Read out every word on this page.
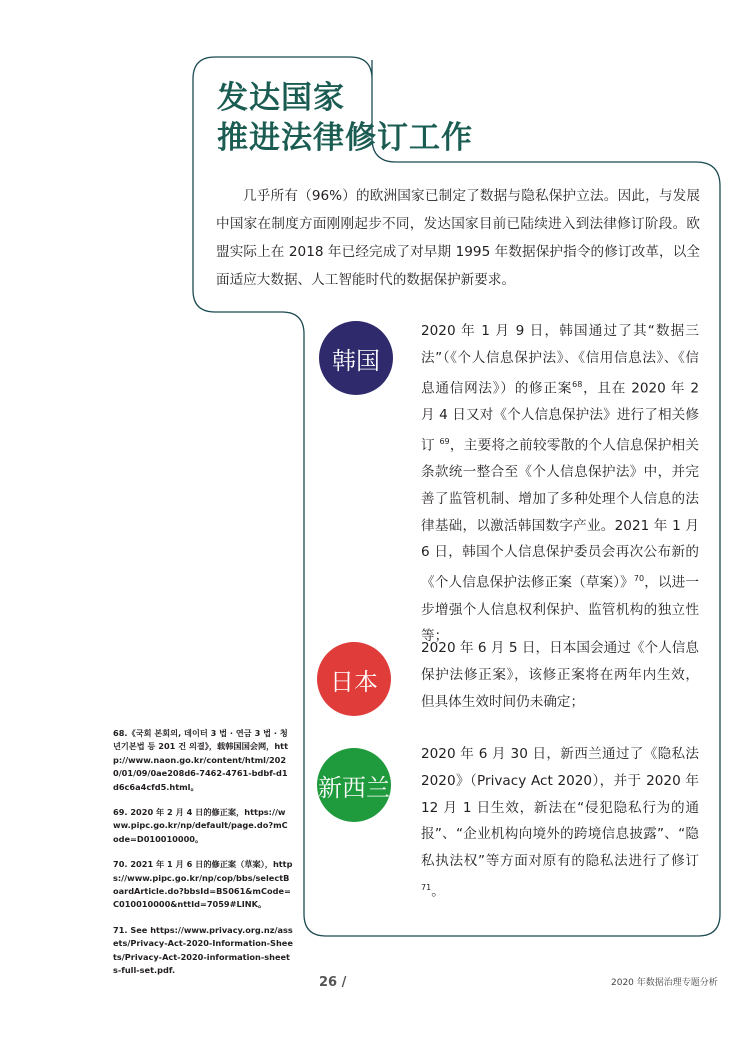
发达国家
推进法律修订工作

几乎所有（96%）的欧洲国家已制定了数据与隐私保护立法。因此，与发展中国家在制度方面刚刚起步不同，发达国家目前已陆续进入到法律修订阶段。欧盟实际上在 2018 年已经完成了对早期 1995 年数据保护指令的修订改革，以全面适应大数据、人工智能时代的数据保护新要求。

韩国
2020 年 1 月 9 日，韩国通过了其“数据三法”（《个人信息保护法》、《信用信息法》、《信息通信网法》）的修正案$^{68}$，且在 2020 年 2 月 4 日又对《个人信息保护法》进行了相关修订 $^{69}$，主要将之前较零散的个人信息保护相关条款统一整合至《个人信息保护法》中，并完善了监管机制、增加了多种处理个人信息的法律基础，以激活韩国数字产业。2021 年 1 月 6 日，韩国个人信息保护委员会再次公布新的《个人信息保护法修正案（草案）》$^{70}$，以进一步增强个人信息权利保护、监管机构的独立性等；
日本
2020 年 6 月 5 日，日本国会通过《个人信息保护法修正案》，该修正案将在两年内生效，但具体生效时间仍未确定；
新西兰
2020 年 6 月 30 日，新西兰通过了《隐私法 2020》（Privacy Act 2020），并于 2020 年 12 月 1 日生效，新法在“侵犯隐私行为的通报”、“企业机构向境外的跨境信息披露”、“隐私执法权”等方面对原有的隐私法进行了修订 $^{71}$。
68.《국회 본회의, 데이터 3 법 · 연금 3 법 · 청년기본법 등 201 건 의결》，载韩国国会网，http://www.naon.go.kr/content/html/2020/01/09/0ae208d6-7462-4761-bdbf-d1d6c6a4cfd5.html。
69. 2020 年 2 月 4 日的修正案，https://www.pipc.go.kr/np/default/page.do?mCode=D010010000。
70. 2021 年 1 月 6 日的修正案（草案），https://www.pipc.go.kr/np/cop/bbs/selectBoardArticle.do?bbsId=BS061&mCode=C010010000&nttId=7059#LINK。
71. See https://www.privacy.org.nz/assets/Privacy-Act-2020-Information-Sheets/Privacy-Act-2020-information-sheets-full-set.pdf.
26 /	2020 年数据治理专题分析
